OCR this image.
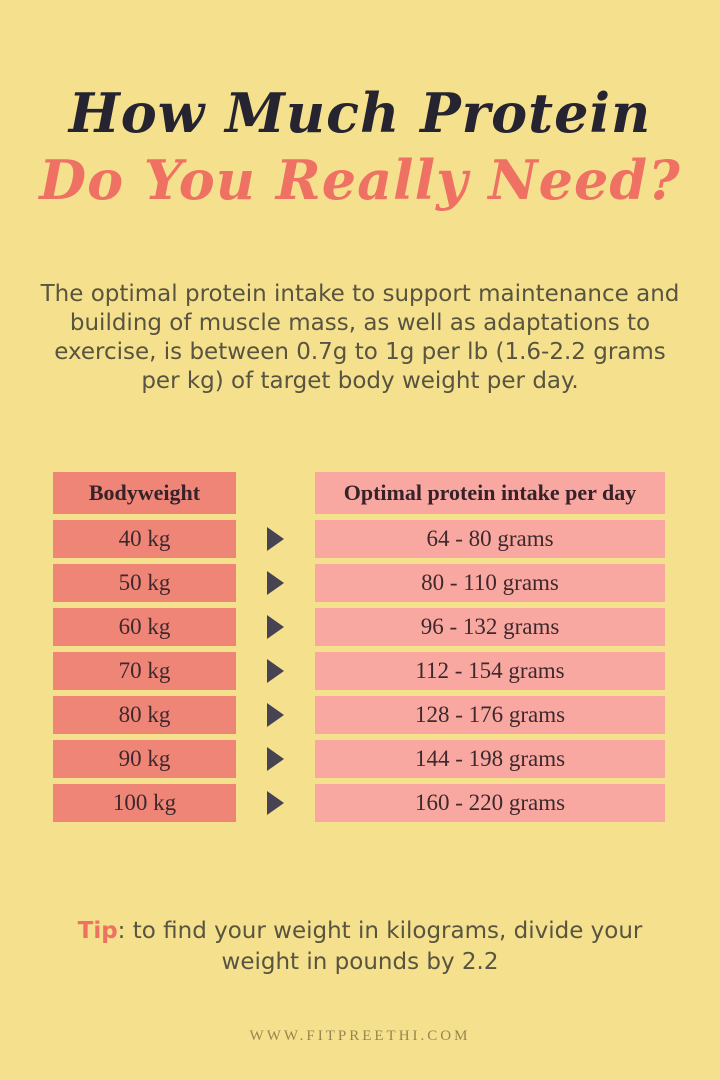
How Much Protein
Do You Really Need?

The optimal protein intake to support maintenance and building of muscle mass, as well as adaptations to exercise, is between 0.7g to 1g per lb (1.6-2.2 grams per kg) of target body weight per day.

Bodyweight	Optimal protein intake per day
40 kg	64 - 80 grams
50 kg	80 - 110 grams
60 kg	96 - 132 grams
70 kg	112 - 154 grams
80 kg	128 - 176 grams
90 kg	144 - 198 grams
100 kg	160 - 220 grams
Tip: to find your weight in kilograms, divide your weight in pounds by 2.2
WWW.FITPREETHI.COM
